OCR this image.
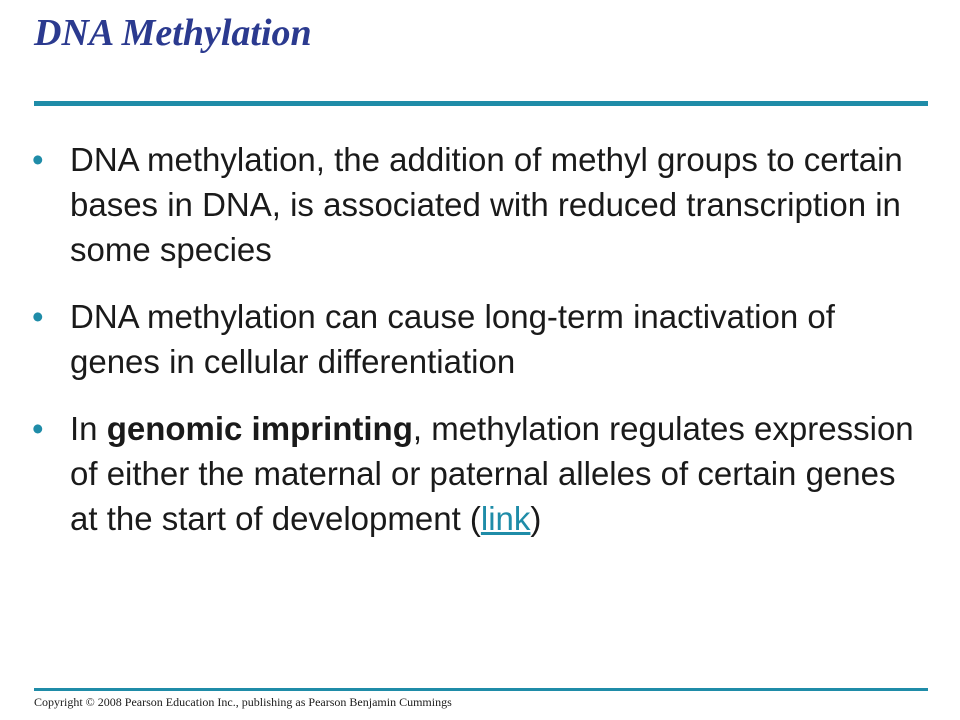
DNA Methylation
• DNA methylation, the addition of methyl groups to certain bases in DNA, is associated with reduced transcription in some species
• DNA methylation can cause long-term inactivation of genes in cellular differentiation
• In genomic imprinting, methylation regulates expression of either the maternal or paternal alleles of certain genes at the start of development (link)
Copyright © 2008 Pearson Education Inc., publishing as Pearson Benjamin Cummings
